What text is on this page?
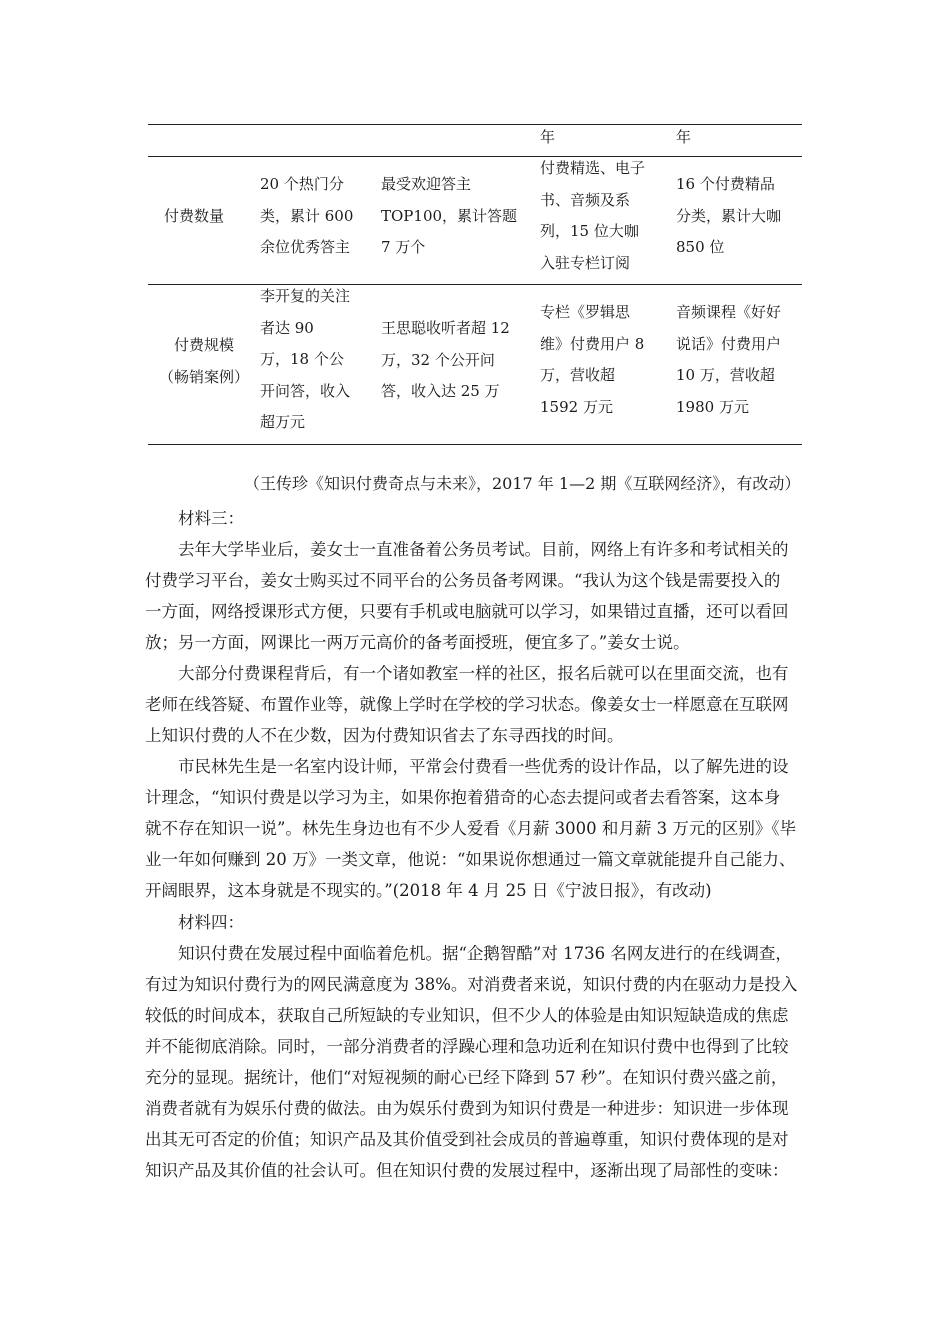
年	年
付费数量
20 个热门分
类，累计 600
余位优秀答主
最受欢迎答主
TOP100，累计答题
7 万个
付费精选、电子
书、音频及系
列，15 位大咖
入驻专栏订阅
16 个付费精品
分类，累计大咖
850 位
付费规模
（畅销案例）
李开复的关注
者达 90
万，18 个公
开问答，收入
超万元
王思聪收听者超 12
万，32 个公开问
答，收入达 25 万
专栏《罗辑思
维》付费用户 8
万，营收超
1592 万元
音频课程《好好
说话》付费用户
10 万，营收超
1980 万元
（王传珍《知识付费奇点与未来》，2017 年 1—2 期《互联网经济》，有改动）
材料三：
去年大学毕业后，姜女士一直准备着公务员考试。目前，网络上有许多和考试相关的
付费学习平台，姜女士购买过不同平台的公务员备考网课。“我认为这个钱是需要投入的
一方面，网络授课形式方便，只要有手机或电脑就可以学习，如果错过直播，还可以看回
放；另一方面，网课比一两万元高价的备考面授班，便宜多了。”姜女士说。
大部分付费课程背后，有一个诸如教室一样的社区，报名后就可以在里面交流，也有
老师在线答疑、布置作业等，就像上学时在学校的学习状态。像姜女士一样愿意在互联网
上知识付费的人不在少数，因为付费知识省去了东寻西找的时间。
市民林先生是一名室内设计师，平常会付费看一些优秀的设计作品，以了解先进的设
计理念，“知识付费是以学习为主，如果你抱着猎奇的心态去提问或者去看答案，这本身
就不存在知识一说”。林先生身边也有不少人爱看《月薪 3000 和月薪 3 万元的区别》《毕
业一年如何赚到 20 万》一类文章，他说：“如果说你想通过一篇文章就能提升自己能力、
开阔眼界，这本身就是不现实的。”(2018 年 4 月 25 日《宁波日报》，有改动)
材料四：
知识付费在发展过程中面临着危机。据“企鹅智酷”对 1736 名网友进行的在线调查，
有过为知识付费行为的网民满意度为 38%。对消费者来说，知识付费的内在驱动力是投入
较低的时间成本，获取自己所短缺的专业知识，但不少人的体验是由知识短缺造成的焦虑
并不能彻底消除。同时，一部分消费者的浮躁心理和急功近利在知识付费中也得到了比较
充分的显现。据统计，他们“对短视频的耐心已经下降到 57 秒”。在知识付费兴盛之前，
消费者就有为娱乐付费的做法。由为娱乐付费到为知识付费是一种进步：知识进一步体现
出其无可否定的价值；知识产品及其价值受到社会成员的普遍尊重，知识付费体现的是对
知识产品及其价值的社会认可。但在知识付费的发展过程中，逐渐出现了局部性的变味：
